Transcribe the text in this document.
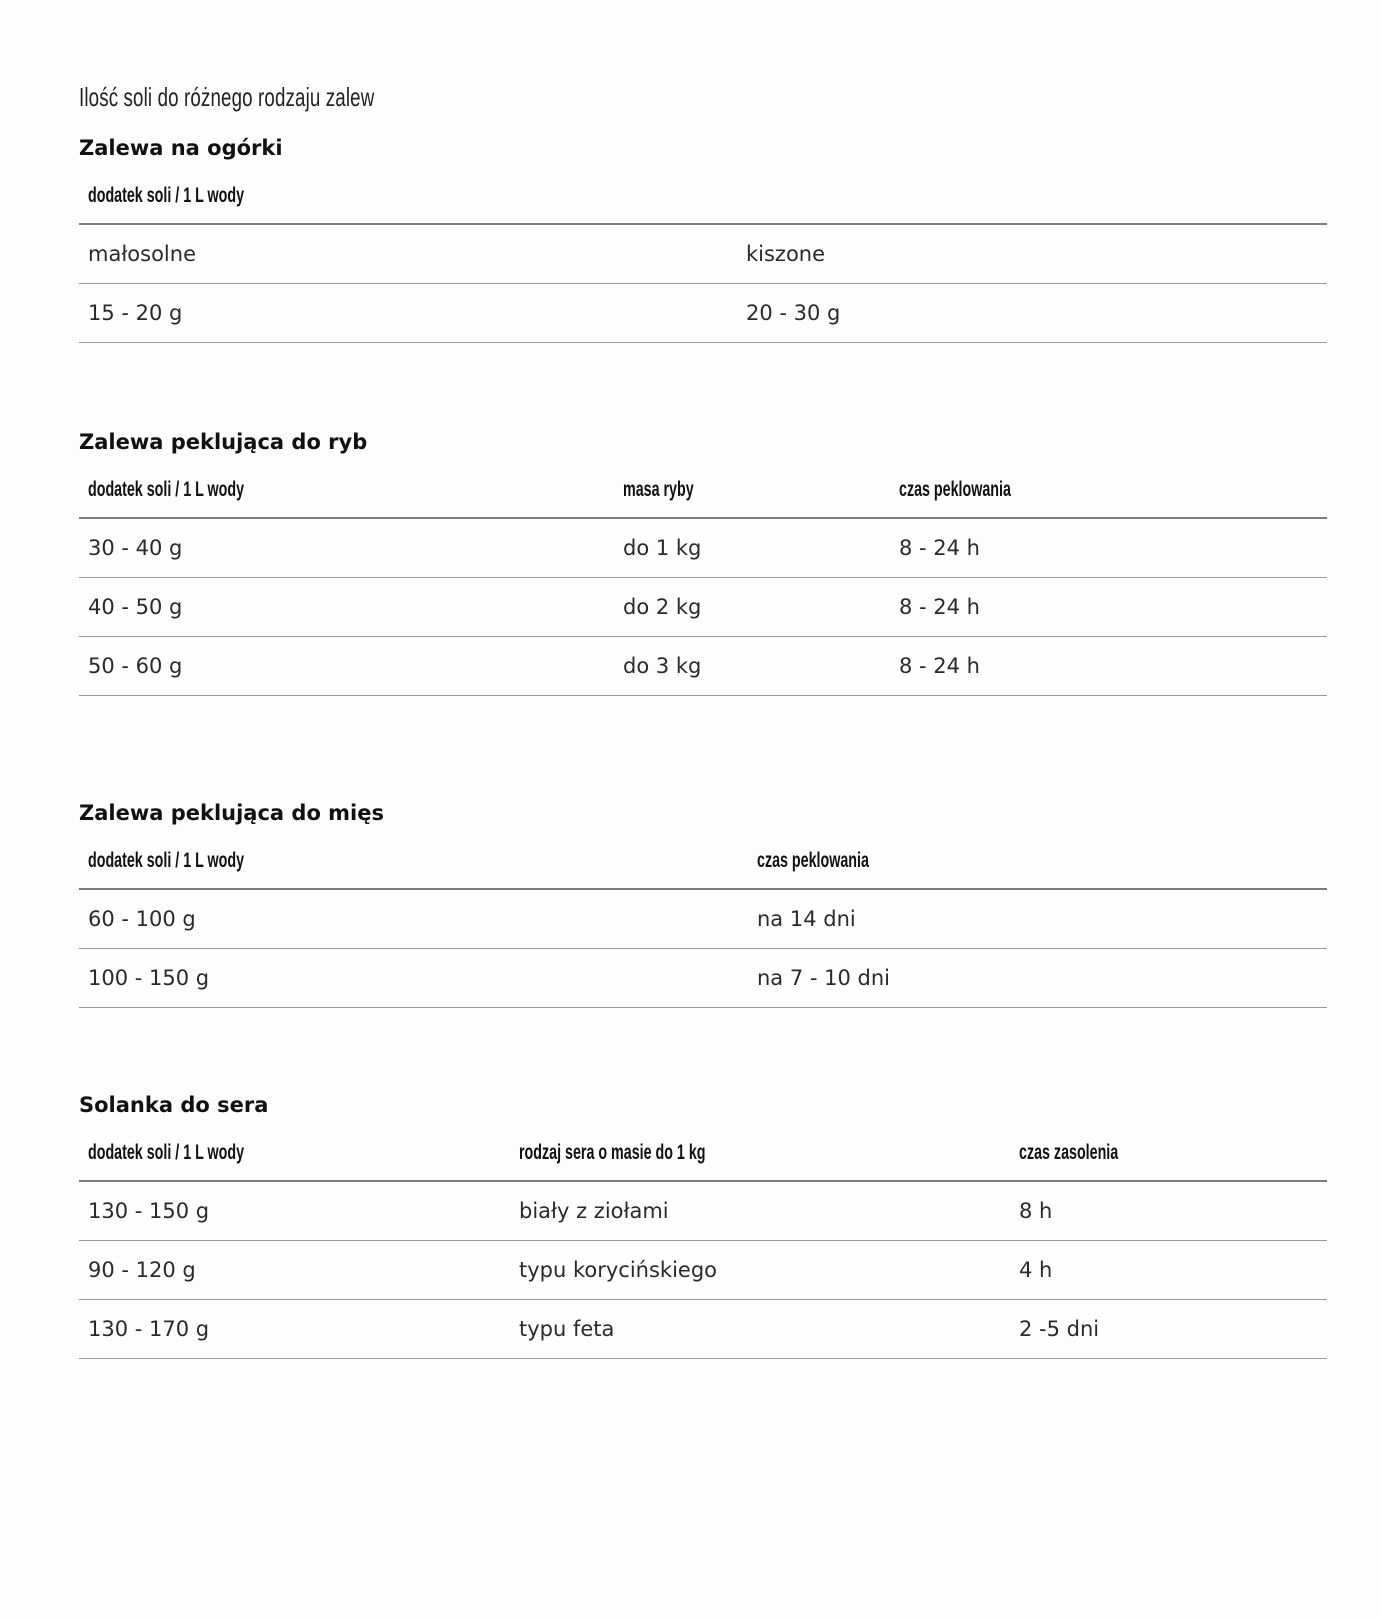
Ilość soli do różnego rodzaju zalew
Zalewa na ogórki
dodatek soli / 1 L wody	
małosolne	kiszone
15 - 20 g	20 - 30 g
Zalewa peklująca do ryb
dodatek soli / 1 L wody	masa ryby	czas peklowania
30 - 40 g	do 1 kg	8 - 24 h
40 - 50 g	do 2 kg	8 - 24 h
50 - 60 g	do 3 kg	8 - 24 h
Zalewa peklująca do mięs
dodatek soli / 1 L wody	czas peklowania
60 - 100 g	na 14 dni
100 - 150 g	na 7 - 10 dni
Solanka do sera
dodatek soli / 1 L wody	rodzaj sera o masie do 1 kg	czas zasolenia
130 - 150 g	biały z ziołami	8 h
90 - 120 g	typu korycińskiego	4 h
130 - 170 g	typu feta	2 -5 dni
